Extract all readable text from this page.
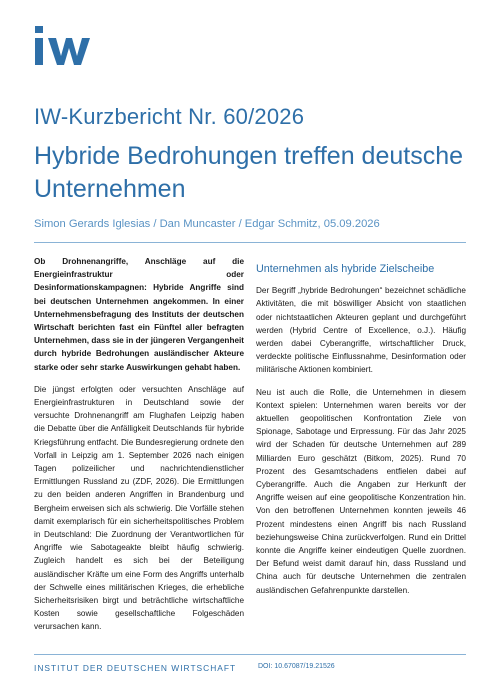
IW-Kurzbericht Nr. 60/2026
Hybride Bedrohungen treffen deutsche Unternehmen
Simon Gerards Iglesias / Dan Muncaster / Edgar Schmitz, 05.09.2026

Ob Drohnenangriffe, Anschläge auf die Energieinfrastruktur oder Desinformationskampagnen: Hybride Angriffe sind bei deutschen Unternehmen angekommen. In einer Unternehmensbefragung des Instituts der deutschen Wirtschaft berichten fast ein Fünftel aller befragten Unternehmen, dass sie in der jüngeren Vergangenheit durch hybride Bedrohungen ausländischer Akteure starke oder sehr starke Auswirkungen gehabt haben.

Die jüngst erfolgten oder versuchten Anschläge auf Energieinfrastrukturen in Deutschland sowie der versuchte Drohnenangriff am Flughafen Leipzig haben die Debatte über die Anfälligkeit Deutschlands für hybride Kriegsführung entfacht. Die Bundesregierung ordnete den Vorfall in Leipzig am 1. September 2026 nach einigen Tagen polizeilicher und nachrichtendienstlicher Ermittlungen Russland zu (ZDF, 2026). Die Ermittlungen zu den beiden anderen Angriffen in Brandenburg und Bergheim erweisen sich als schwierig. Die Vorfälle stehen damit exemplarisch für ein sicherheitspolitisches Problem in Deutschland: Die Zuordnung der Verantwortlichen für Angriffe wie Sabotageakte bleibt häufig schwierig. Zugleich handelt es sich bei der Beteiligung ausländischer Kräfte um eine Form des Angriffs unterhalb der Schwelle eines militärischen Krieges, die erhebliche Sicherheitsrisiken birgt und beträchtliche wirtschaftliche Kosten sowie gesellschaftliche Folgeschäden verursachen kann.

Unternehmen als hybride Zielscheibe

Der Begriff „hybride Bedrohungen“ bezeichnet schädliche Aktivitäten, die mit böswilliger Absicht von staatlichen oder nichtstaatlichen Akteuren geplant und durchgeführt werden (Hybrid Centre of Excellence, o.J.). Häufig werden dabei Cyberangriffe, wirtschaftlicher Druck, verdeckte politische Einflussnahme, Desinformation oder militärische Aktionen kombiniert.

Neu ist auch die Rolle, die Unternehmen in diesem Kontext spielen: Unternehmen waren bereits vor der aktuellen geopolitischen Konfrontation Ziele von Spionage, Sabotage und Erpressung. Für das Jahr 2025 wird der Schaden für deutsche Unternehmen auf 289 Milliarden Euro geschätzt (Bitkom, 2025). Rund 70 Prozent des Gesamtschadens entfielen dabei auf Cyberangriffe. Auch die Angaben zur Herkunft der Angriffe weisen auf eine geopolitische Konzentration hin. Von den betroffenen Unternehmen konnten jeweils 46 Prozent mindestens einen Angriff bis nach Russland beziehungsweise China zurückverfolgen. Rund ein Drittel konnte die Angriffe keiner eindeutigen Quelle zuordnen. Der Befund weist damit darauf hin, dass Russland und China auch für deutsche Unternehmen die zentralen ausländischen Gefahrenpunkte darstellen.

INSTITUT DER DEUTSCHEN WIRTSCHAFT	DOI: 10.67087/19.21526
